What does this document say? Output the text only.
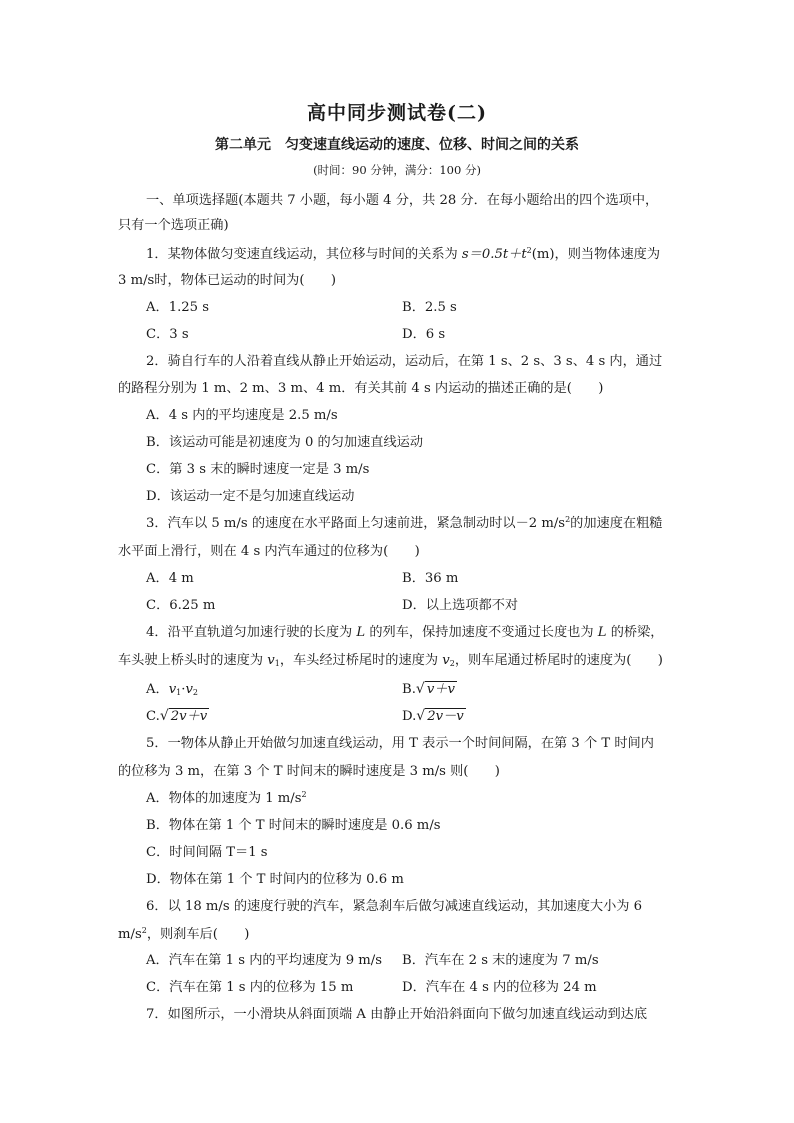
高中同步测试卷(二)
第二单元 匀变速直线运动的速度、位移、时间之间的关系
(时间：90 分钟，满分：100 分)
一、单项选择题(本题共 7 小题，每小题 4 分，共 28 分．在每小题给出的四个选项中，
只有一个选项正确)
1．某物体做匀变速直线运动，其位移与时间的关系为 $s=0.5t+t^2(m)$，则当物体速度为
3 m/s时，物体已运动的时间为(　　)
A．1.25 s	B．2.5 s
C．3 s	D．6 s
2．骑自行车的人沿着直线从静止开始运动，运动后，在第 1 s、2 s、3 s、4 s 内，通过
的路程分别为 1 m、2 m、3 m、4 m．有关其前 4 s 内运动的描述正确的是(　　)
A．4 s 内的平均速度是 2.5 m/s
B．该运动可能是初速度为 0 的匀加速直线运动
C．第 3 s 末的瞬时速度一定是 3 m/s
D．该运动一定不是匀加速直线运动
3．汽车以 5 m/s 的速度在水平路面上匀速前进，紧急制动时以－2 $m/s^2$的加速度在粗糙
水平面上滑行，则在 4 s 内汽车通过的位移为(　　)
A．4 m	B．36 m
C．6.25 m	D．以上选项都不对
4．沿平直轨道匀加速行驶的长度为 L 的列车，保持加速度不变通过长度也为 L 的桥梁，
车头驶上桥头时的速度为 $v_1$，车头经过桥尾时的速度为 $v_2$，则车尾通过桥尾时的速度为(　　)
A．$v_1\cdot v_2$	B.√ v＋v
C.√ 2v＋v	D.√ 2v－v
5．一物体从静止开始做匀加速直线运动，用 T 表示一个时间间隔，在第 3 个 T 时间内
的位移为 3 m，在第 3 个 T 时间末的瞬时速度是 3 m/s 则(　　)
A．物体的加速度为 1 $m/s^2$
B．物体在第 1 个 T 时间末的瞬时速度是 0.6 m/s
C．时间间隔 T＝1 s
D．物体在第 1 个 T 时间内的位移为 0.6 m
6．以 18 m/s 的速度行驶的汽车，紧急刹车后做匀减速直线运动，其加速度大小为 6
$m/s^2$，则刹车后(　　)
A．汽车在第 1 s 内的平均速度为 9 m/s B．汽车在 2 s 末的速度为 7 m/s
C．汽车在第 1 s 内的位移为 15 m	D．汽车在 4 s 内的位移为 24 m
7．如图所示，一小滑块从斜面顶端 A 由静止开始沿斜面向下做匀加速直线运动到达底
